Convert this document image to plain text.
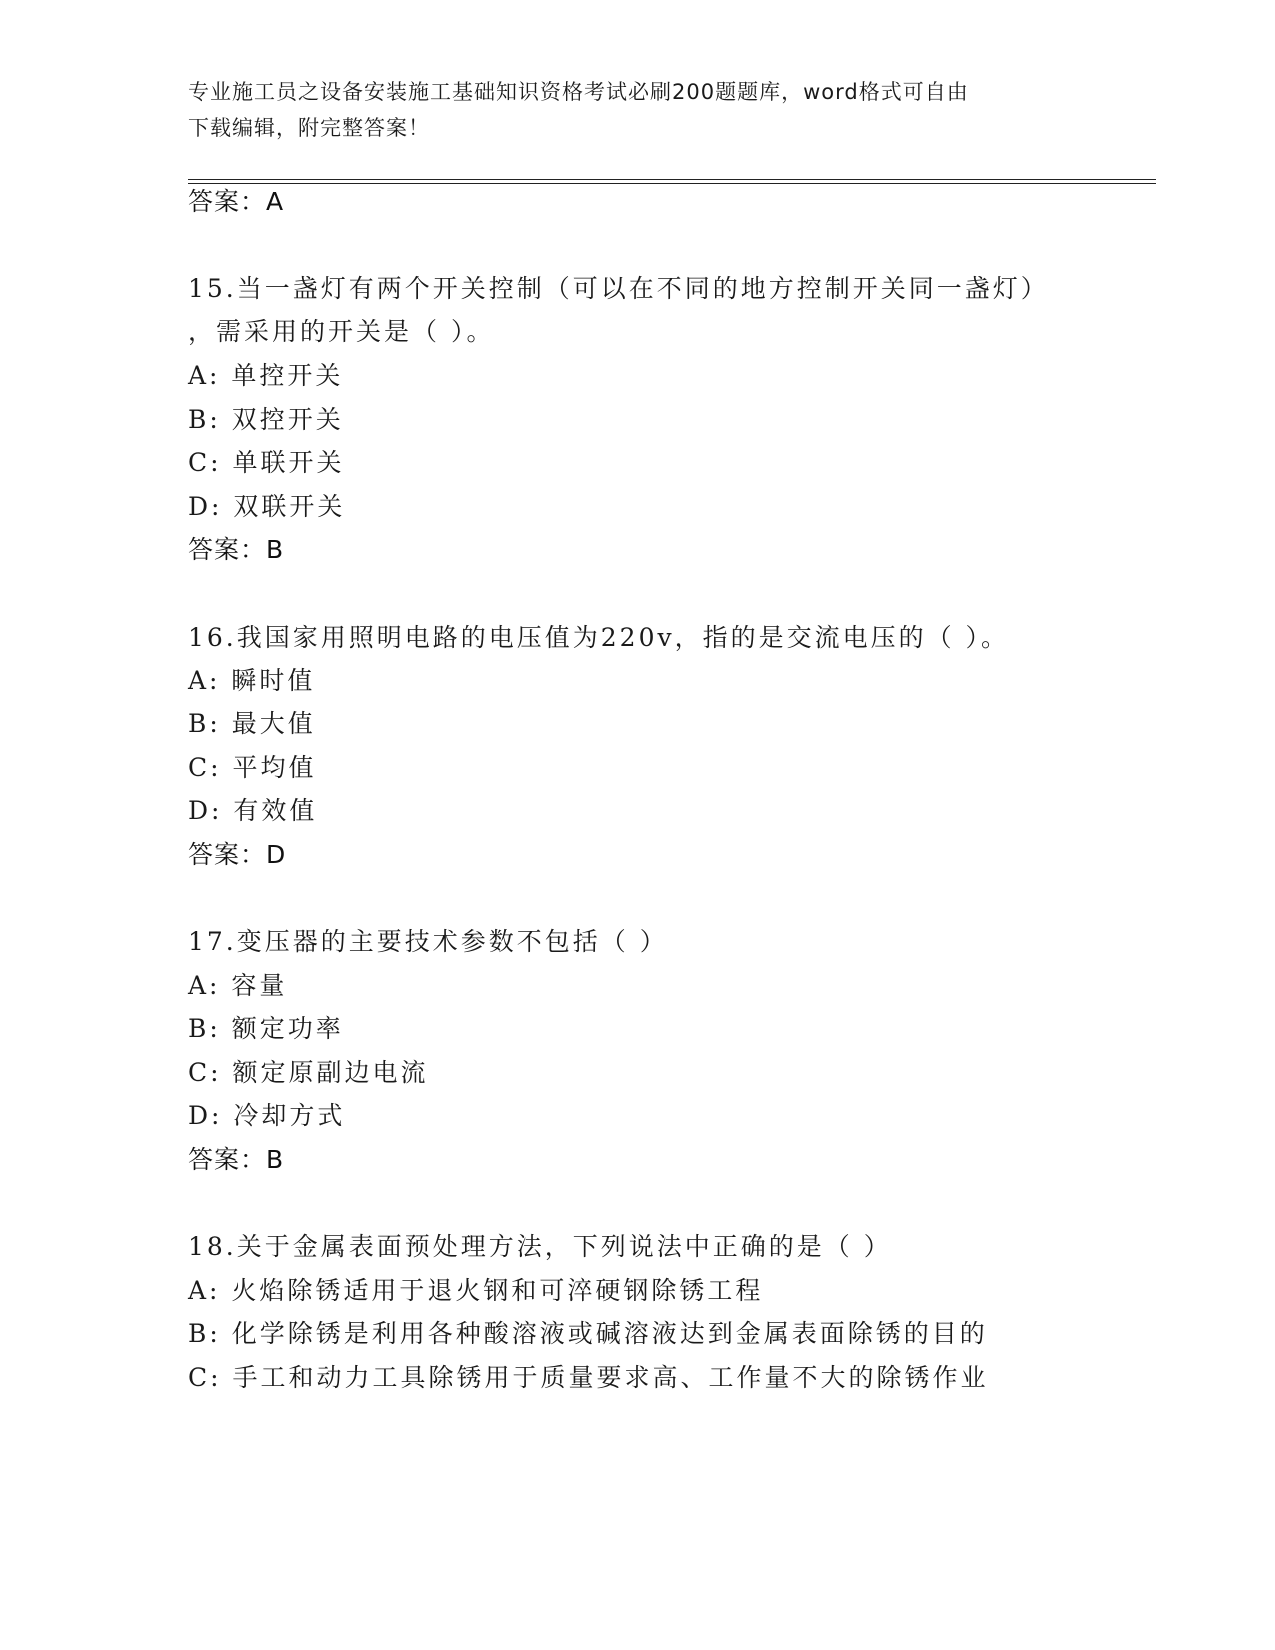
专业施工员之设备安装施工基础知识资格考试必刷200题题库，word格式可自由
下载编辑，附完整答案！
答案：A
15.当一盏灯有两个开关控制（可以在不同的地方控制开关同一盏灯）
，需采用的开关是（ ）。
A: 单控开关
B: 双控开关
C: 单联开关
D: 双联开关
答案：B
16.我国家用照明电路的电压值为220v，指的是交流电压的（ ）。
A: 瞬时值
B: 最大值
C: 平均值
D: 有效值
答案：D
17.变压器的主要技术参数不包括（ ）
A: 容量
B: 额定功率
C: 额定原副边电流
D: 冷却方式
答案：B
18.关于金属表面预处理方法，下列说法中正确的是（ ）
A: 火焰除锈适用于退火钢和可淬硬钢除锈工程
B: 化学除锈是利用各种酸溶液或碱溶液达到金属表面除锈的目的
C: 手工和动力工具除锈用于质量要求高、工作量不大的除锈作业
